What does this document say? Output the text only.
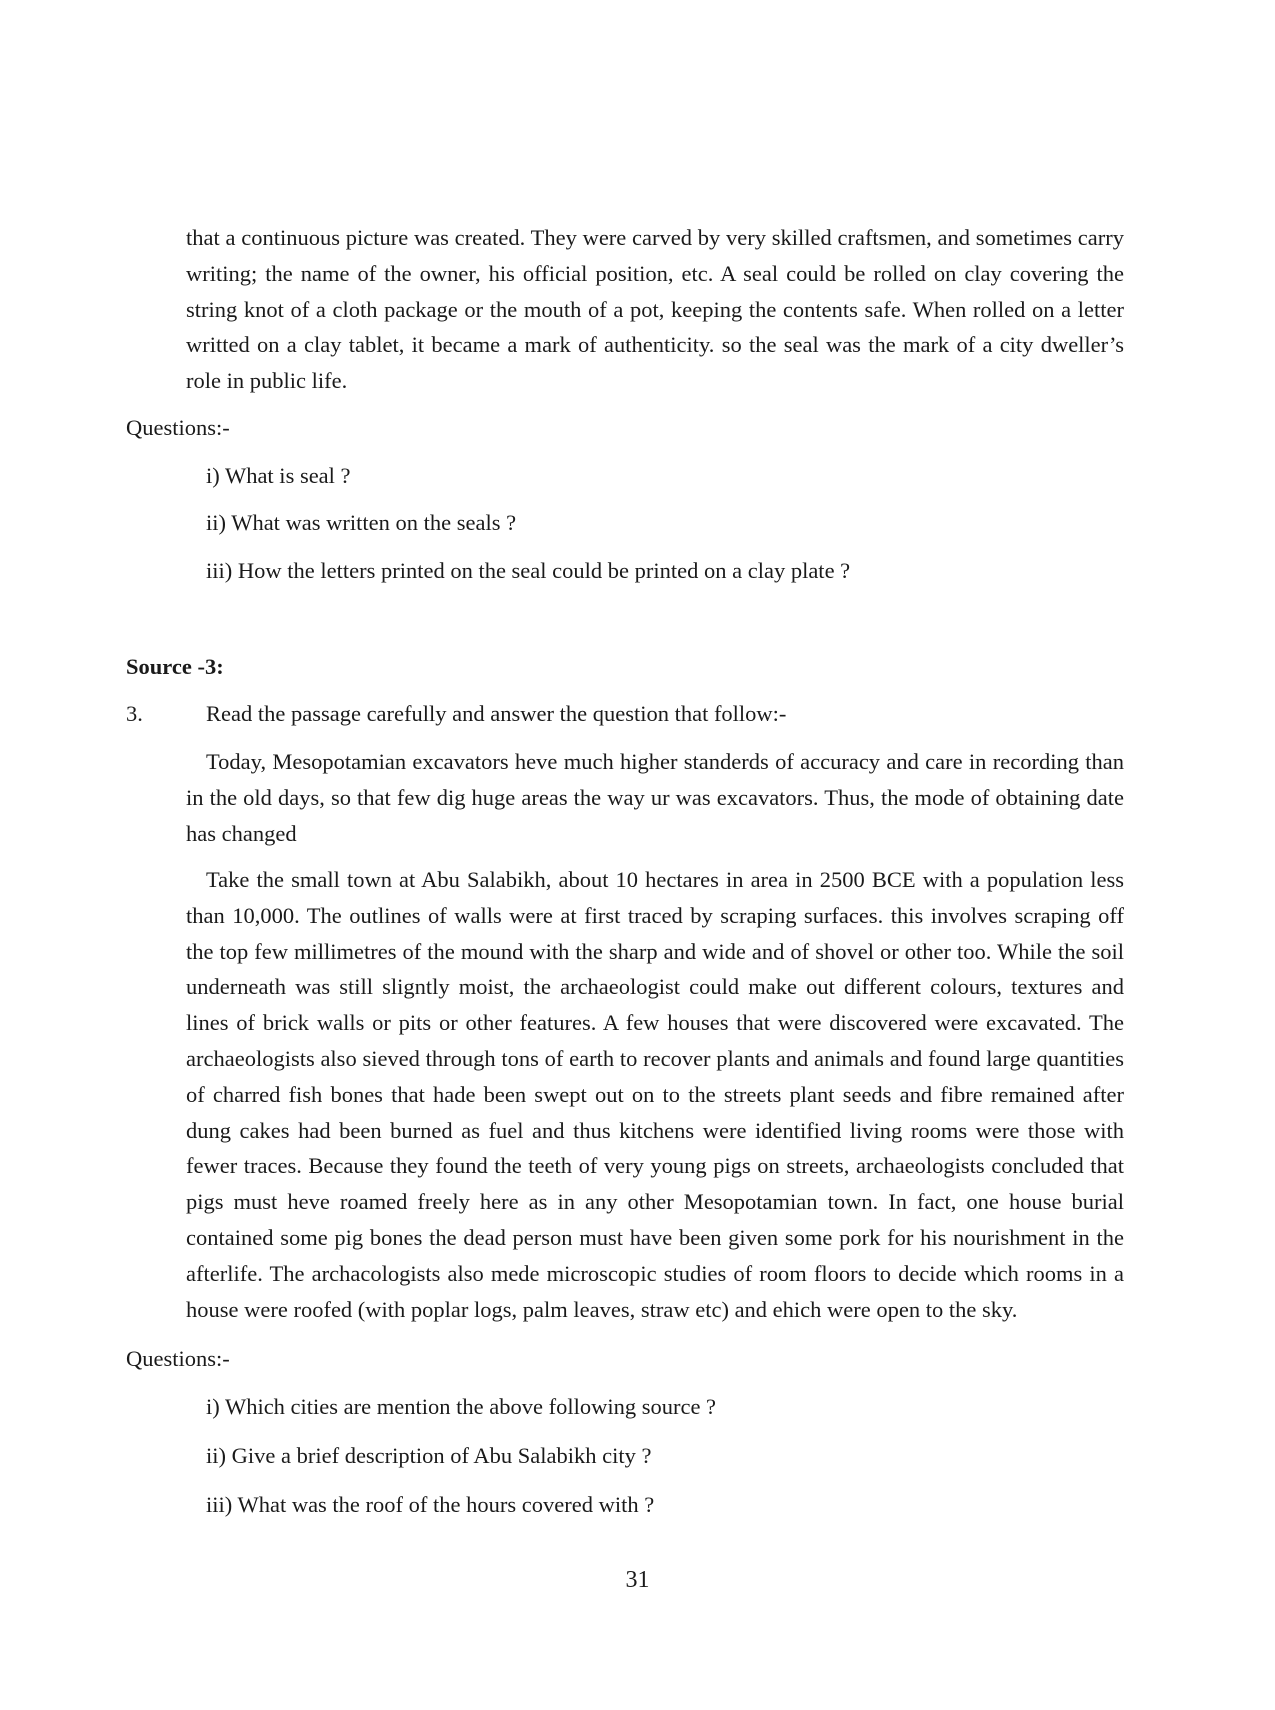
that a continuous picture was created. They were carved by very skilled craftsmen, and sometimes carry writing; the name of the owner, his official position, etc. A seal could be rolled on clay covering the string knot of a cloth package or the mouth of a pot, keeping the contents safe. When rolled on a letter writted on a clay tablet, it became a mark of authenticity. so the seal was the mark of a city dweller’s role in public life.

Questions:-

i) What is seal ?

ii) What was written on the seals ?

iii) How the letters printed on the seal could be printed on a clay plate ?

Source -3:

3.	Read the passage carefully and answer the question that follow:-

Today, Mesopotamian excavators heve much higher standerds of accuracy and care in recording than in the old days, so that few dig huge areas the way ur was excavators. Thus, the mode of obtaining date has changed

Take the small town at Abu Salabikh, about 10 hectares in area in 2500 BCE with a population less than 10,000. The outlines of walls were at first traced by scraping surfaces. this involves scraping off the top few millimetres of the mound with the sharp and wide and of shovel or other too. While the soil underneath was still sligntly moist, the archaeologist could make out different colours, textures and lines of brick walls or pits or other features. A few houses that were discovered were excavated. The archaeologists also sieved through tons of earth to recover plants and animals and found large quantities of charred fish bones that hade been swept out on to the streets plant seeds and fibre remained after dung cakes had been burned as fuel and thus kitchens were identified living rooms were those with fewer traces. Because they found the teeth of very young pigs on streets, archaeologists concluded that pigs must heve roamed freely here as in any other Mesopotamian town. In fact, one house burial contained some pig bones the dead person must have been given some pork for his nourishment in the afterlife. The archacologists also mede microscopic studies of room floors to decide which rooms in a house were roofed (with poplar logs, palm leaves, straw etc) and ehich were open to the sky.

Questions:-

i) Which cities are mention the above following source ?

ii) Give a brief description of Abu Salabikh city ?

iii) What was the roof of the hours covered with ?

31
